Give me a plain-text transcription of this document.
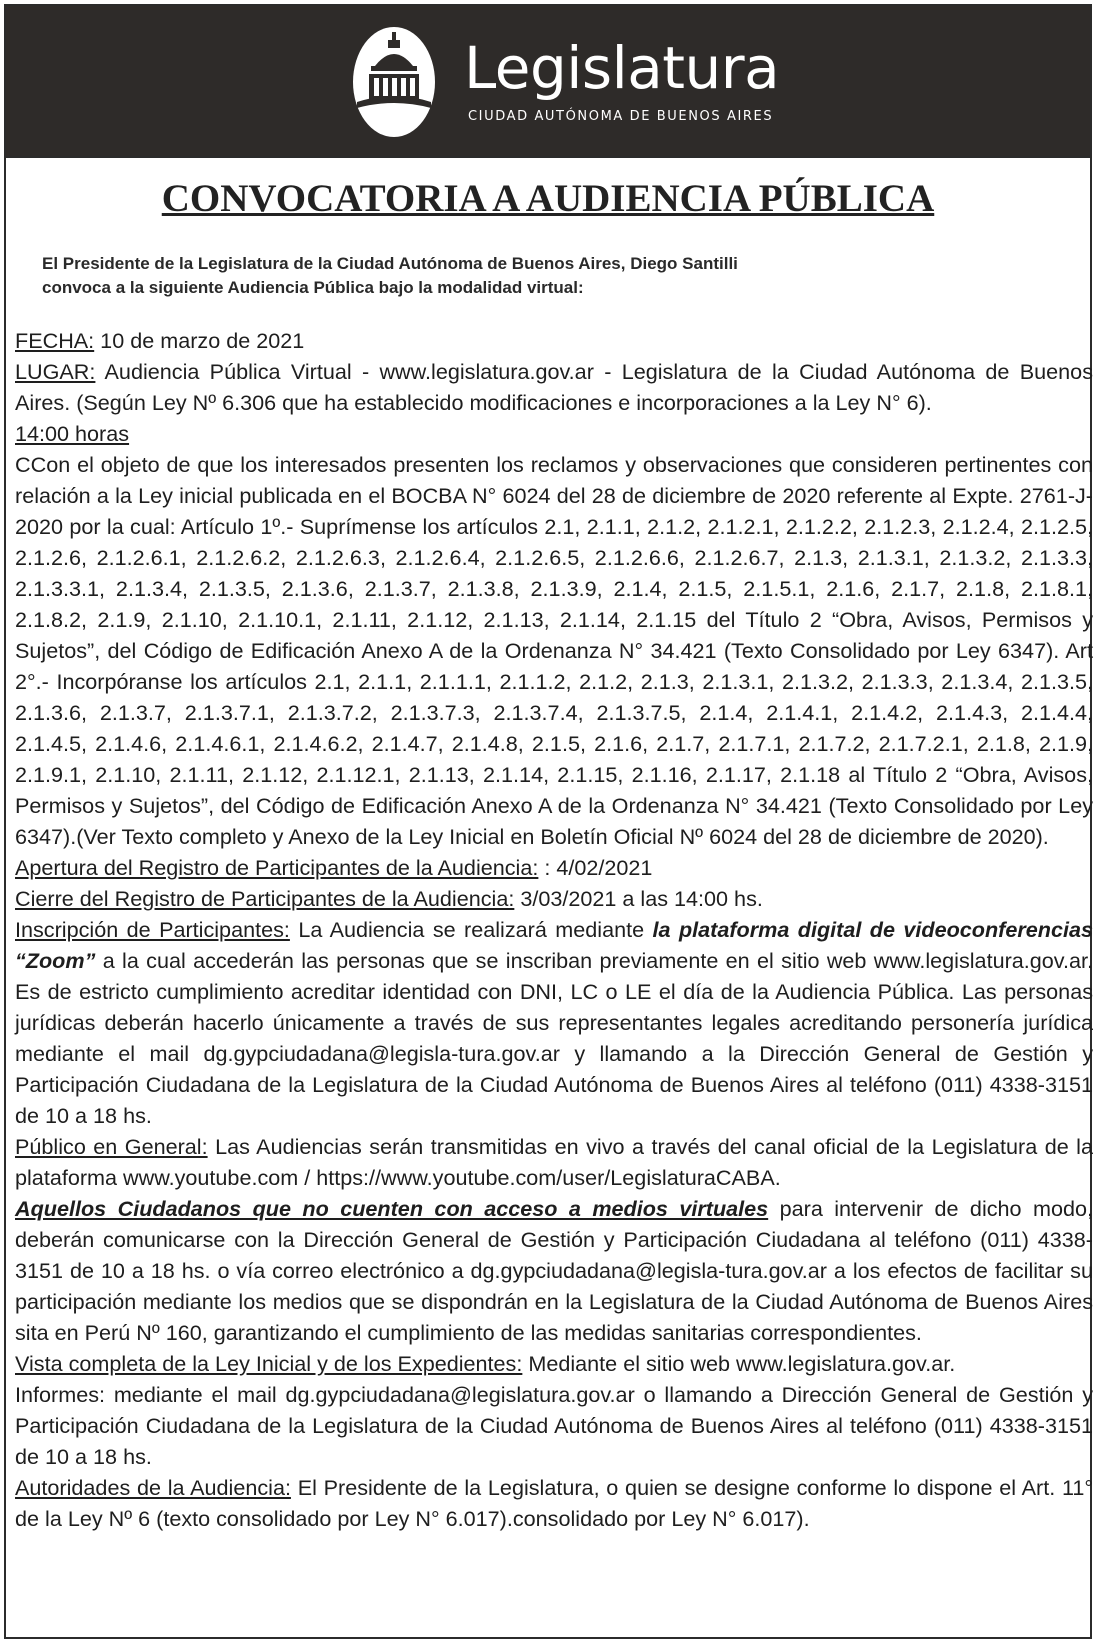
Legislatura
CIUDAD AUTÓNOMA DE BUENOS AIRES
CONVOCATORIA A AUDIENCIA PÚBLICA
El Presidente de la Legislatura de la Ciudad Autónoma de Buenos Aires, Diego Santilli
convoca a la siguiente Audiencia Pública bajo la modalidad virtual:

FECHA: 10 de marzo de 2021

LUGAR: Audiencia Pública Virtual - www.legislatura.gov.ar - Legislatura de la Ciudad Autónoma de Buenos Aires. (Según Ley Nº 6.306 que ha establecido modificaciones e incorporaciones a la Ley N° 6).

14:00 horas

CCon el objeto de que los interesados presenten los reclamos y observaciones que consideren pertinentes con relación a la Ley inicial publicada en el BOCBA N° 6024 del 28 de diciembre de 2020 referente al Expte. 2761-J-2020 por la cual: Artículo 1º.- Suprímense los artículos 2.1, 2.1.1, 2.1.2, 2.1.2.1, 2.1.2.2, 2.1.2.3, 2.1.2.4, 2.1.2.5, 2.1.2.6, 2.1.2.6.1, 2.1.2.6.2, 2.1.2.6.3, 2.1.2.6.4, 2.1.2.6.5, 2.1.2.6.6, 2.1.2.6.7, 2.1.3, 2.1.3.1, 2.1.3.2, 2.1.3.3, 2.1.3.3.1, 2.1.3.4, 2.1.3.5, 2.1.3.6, 2.1.3.7, 2.1.3.8, 2.1.3.9, 2.1.4, 2.1.5, 2.1.5.1, 2.1.6, 2.1.7, 2.1.8, 2.1.8.1, 2.1.8.2, 2.1.9, 2.1.10, 2.1.10.1, 2.1.11, 2.1.12, 2.1.13, 2.1.14, 2.1.15 del Título 2 “Obra, Avisos, Permisos y Sujetos”, del Código de Edificación Anexo A de la Ordenanza N° 34.421 (Texto Consolidado por Ley 6347). Art 2°.- Incorpóranse los artículos 2.1, 2.1.1, 2.1.1.1, 2.1.1.2, 2.1.2, 2.1.3, 2.1.3.1, 2.1.3.2, 2.1.3.3, 2.1.3.4, 2.1.3.5, 2.1.3.6, 2.1.3.7, 2.1.3.7.1, 2.1.3.7.2, 2.1.3.7.3, 2.1.3.7.4, 2.1.3.7.5, 2.1.4, 2.1.4.1, 2.1.4.2, 2.1.4.3, 2.1.4.4, 2.1.4.5, 2.1.4.6, 2.1.4.6.1, 2.1.4.6.2, 2.1.4.7, 2.1.4.8, 2.1.5, 2.1.6, 2.1.7, 2.1.7.1, 2.1.7.2, 2.1.7.2.1, 2.1.8, 2.1.9, 2.1.9.1, 2.1.10, 2.1.11, 2.1.12, 2.1.12.1, 2.1.13, 2.1.14, 2.1.15, 2.1.16, 2.1.17, 2.1.18 al Título 2 “Obra, Avisos, Permisos y Sujetos”, del Código de Edificación Anexo A de la Ordenanza N° 34.421 (Texto Consolidado por Ley 6347).(Ver Texto completo y Anexo de la Ley Inicial en Boletín Oficial Nº 6024 del 28 de diciembre de 2020).

Apertura del Registro de Participantes de la Audiencia: : 4/02/2021

Cierre del Registro de Participantes de la Audiencia: 3/03/2021 a las 14:00 hs.

Inscripción de Participantes: La Audiencia se realizará mediante la plataforma digital de videoconferencias “Zoom” a la cual accederán las personas que se inscriban previamente en el sitio web www.legislatura.gov.ar. Es de estricto cumplimiento acreditar identidad con DNI, LC o LE el día de la Audiencia Pública. Las personas jurídicas deberán hacerlo únicamente a través de sus representantes legales acreditando personería jurídica mediante el mail dg.gypciudadana@legisla-tura.gov.ar y llamando a la Dirección General de Gestión y Participación Ciudadana de la Legislatura de la Ciudad Autónoma de Buenos Aires al teléfono (011) 4338-3151 de 10 a 18 hs.

Público en General: Las Audiencias serán transmitidas en vivo a través del canal oficial de la Legislatura de la plataforma www.youtube.com / https://www.youtube.com/user/LegislaturaCABA.

Aquellos Ciudadanos que no cuenten con acceso a medios virtuales para intervenir de dicho modo, deberán comunicarse con la Dirección General de Gestión y Participación Ciudadana al teléfono (011) 4338-3151 de 10 a 18 hs. o vía correo electrónico a dg.gypciudadana@legisla-tura.gov.ar a los efectos de facilitar su participación mediante los medios que se dispondrán en la Legislatura de la Ciudad Autónoma de Buenos Aires sita en Perú Nº 160, garantizando el cumplimiento de las medidas sanitarias correspondientes.

Vista completa de la Ley Inicial y de los Expedientes: Mediante el sitio web www.legislatura.gov.ar.

Informes: mediante el mail dg.gypciudadana@legislatura.gov.ar o llamando a Dirección General de Gestión y Participación Ciudadana de la Legislatura de la Ciudad Autónoma de Buenos Aires al teléfono (011) 4338-3151 de 10 a 18 hs.

Autoridades de la Audiencia: El Presidente de la Legislatura, o quien se designe conforme lo dispone el Art. 11° de la Ley Nº 6 (texto consolidado por Ley N° 6.017).consolidado por Ley N° 6.017).
